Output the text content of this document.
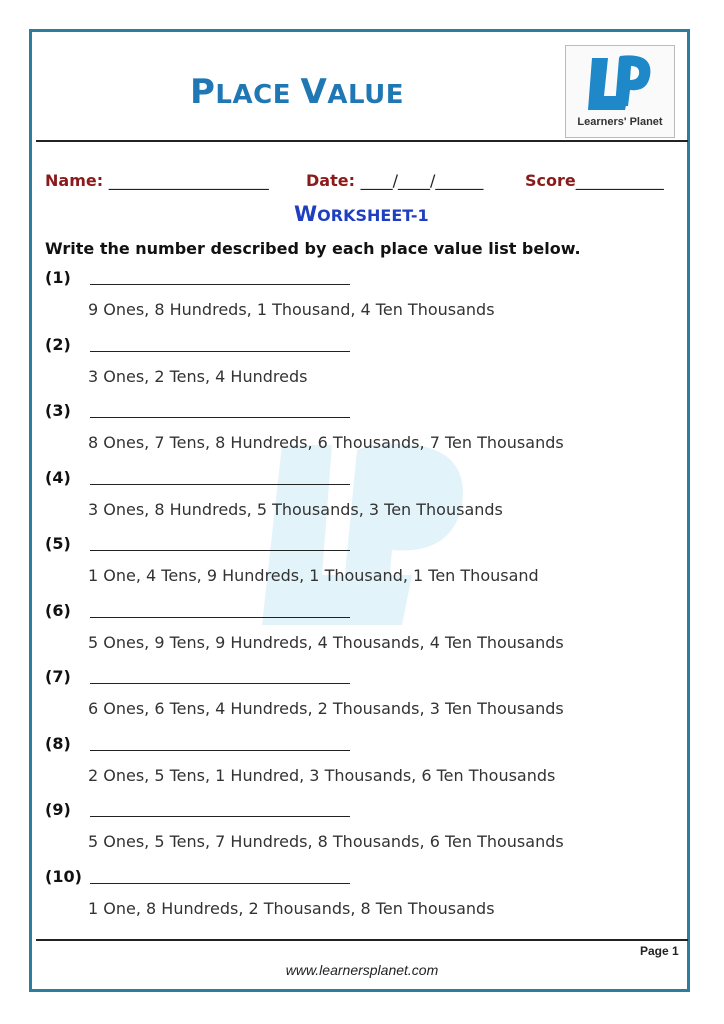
PLACE VALUE
Learners' Planet
Name: ____________________ Date: ____/____/______	Score___________
WORKSHEET-1
Write the number described by each place value list below.
(1)
9 Ones, 8 Hundreds, 1 Thousand, 4 Ten Thousands
(2)
3 Ones, 2 Tens, 4 Hundreds
(3)
8 Ones, 7 Tens, 8 Hundreds, 6 Thousands, 7 Ten Thousands
(4)
3 Ones, 8 Hundreds, 5 Thousands, 3 Ten Thousands
(5)
1 One, 4 Tens, 9 Hundreds, 1 Thousand, 1 Ten Thousand
(6)
5 Ones, 9 Tens, 9 Hundreds, 4 Thousands, 4 Ten Thousands
(7)
6 Ones, 6 Tens, 4 Hundreds, 2 Thousands, 3 Ten Thousands
(8)
2 Ones, 5 Tens, 1 Hundred, 3 Thousands, 6 Ten Thousands
(9)
5 Ones, 5 Tens, 7 Hundreds, 8 Thousands, 6 Ten Thousands
(10)
1 One, 8 Hundreds, 2 Thousands, 8 Ten Thousands
Page 1
www.learnersplanet.com
